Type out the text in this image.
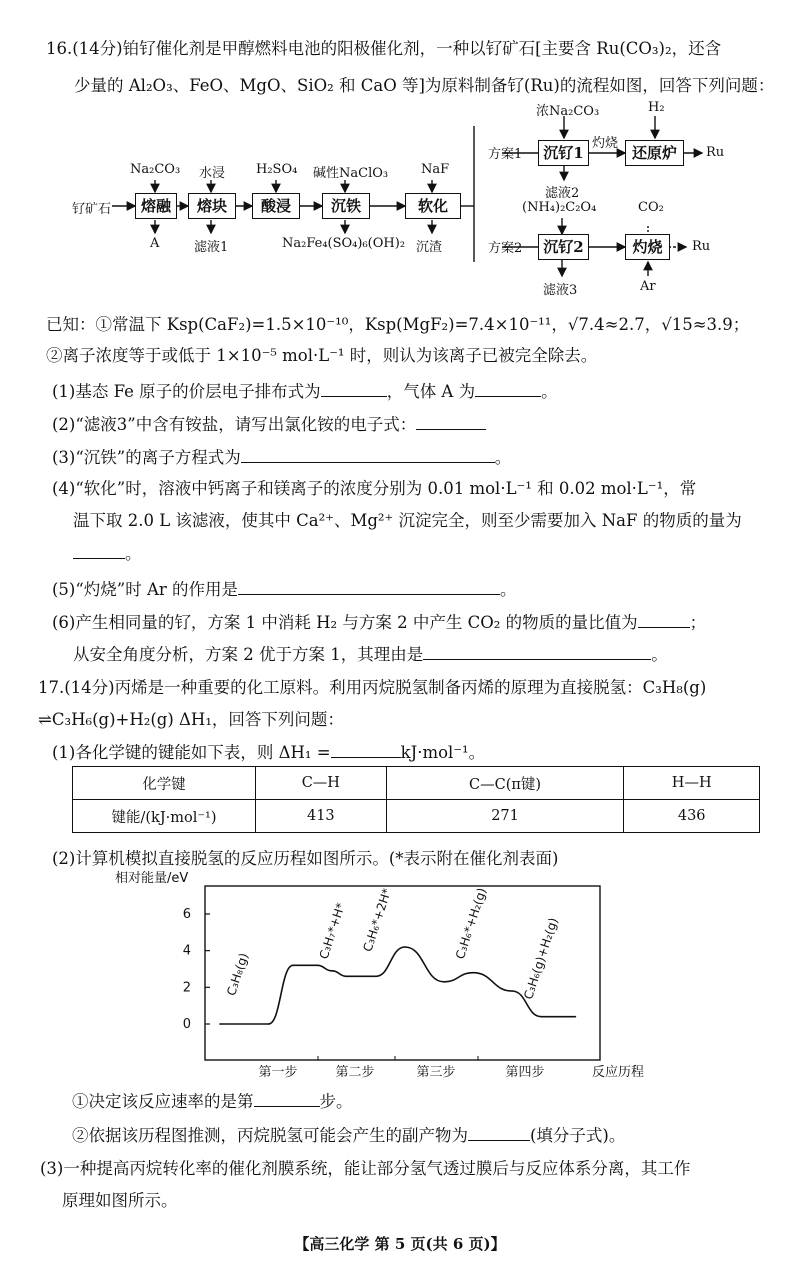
16.(14分)铂钌催化剂是甲醇燃料电池的阳极催化剂，一种以钌矿石[主要含 Ru(CO₃)₂，还含
少量的 Al₂O₃、FeO、MgO、SiO₂ 和 CaO 等]为原料制备钌(Ru)的流程如图，回答下列问题：
钌矿石	熔融	熔块	酸浸	沉铁	软化
Na₂CO₃ 水浸 H₂SO₄ 碱性NaClO₃	NaF
A	滤液1	Na₂Fe₄(SO₄)₆(OH)₂ 沉渣
方案1
浓Na₂CO₃
沉钌1
灼烧
H₂
还原炉	Ru
滤液2
(NH₄)₂C₂O₄
方案2	沉钌2
CO₂
灼烧	Ru
滤液3	Ar
已知：①常温下 Ksp(CaF₂)=1.5×10⁻¹⁰，Ksp(MgF₂)=7.4×10⁻¹¹，√7.4≈2.7，√15≈3.9；
②离子浓度等于或低于 1×10⁻⁵ mol·L⁻¹ 时，则认为该离子已被完全除去。
(1)基态 Fe 原子的价层电子排布式为	，气体 A 为	。
(2)“滤液3”中含有铵盐，请写出氯化铵的电子式：
(3)“沉铁”的离子方程式为	。
(4)“软化”时，溶液中钙离子和镁离子的浓度分别为 0.01 mol·L⁻¹ 和 0.02 mol·L⁻¹，常
温下取 2.0 L 该滤液，使其中 Ca²⁺、Mg²⁺ 沉淀完全，则至少需要加入 NaF 的物质的量为
。
(5)“灼烧”时 Ar 的作用是	。
(6)产生相同量的钌，方案 1 中消耗 H₂ 与方案 2 中产生 CO₂ 的物质的量比值为	；
从安全角度分析，方案 2 优于方案 1，其理由是	。
17.(14分)丙烯是一种重要的化工原料。利用丙烷脱氢制备丙烯的原理为直接脱氢：C₃H₈(g)
⇌C₃H₆(g)+H₂(g) ΔH₁，回答下列问题：
(1)各化学键的键能如下表，则 ΔH₁ =	kJ·mol⁻¹。
化学键	C—H	C—C(π键)	H—H
键能/(kJ·mol⁻¹)	413	271	436
(2)计算机模拟直接脱氢的反应历程如图所示。(*表示附在催化剂表面)
相对能量/eV
0
2
4
6
第一步	第二步	第三步	第四步	反应历程
C₃H₈(g)
C₃H₇*+H* C₃H₆*+2H*	C₃H₆*+H₂(g)	C₃H₆(g)+H₂(g)
①决定该反应速率的是第	步。
②依据该历程图推测，丙烷脱氢可能会产生的副产物为	(填分子式)。
(3)一种提高丙烷转化率的催化剂膜系统，能让部分氢气透过膜后与反应体系分离，其工作
原理如图所示。
【高三化学 第 5 页(共 6 页)】
